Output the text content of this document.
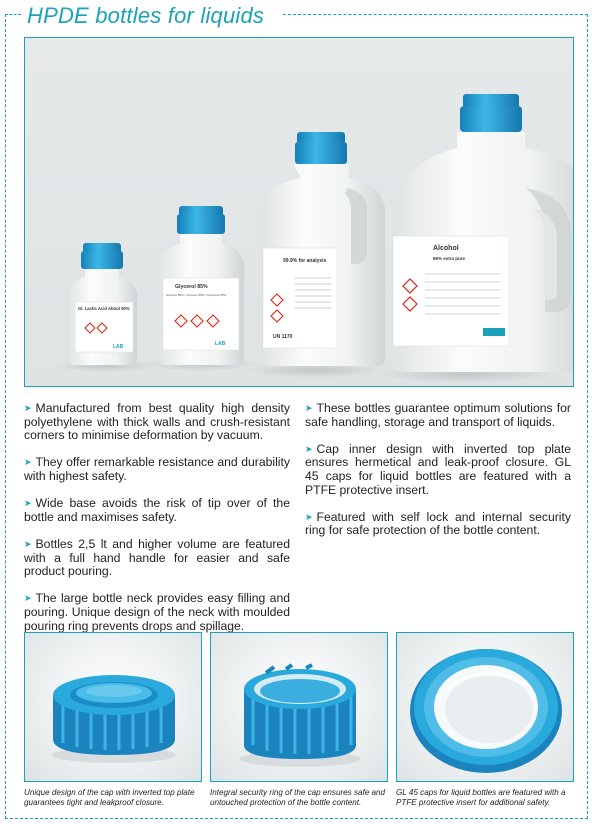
HPDE bottles for liquids
Gl. Lactic Acid About 90%
LAB
Glycerol 85%
Glycerol 85% / Glycerin 85% / Glycerine 85%
LAB
99.9% for analysis
UN 1170
Alcohol
96% extra pure
➤ Manufactured from best quality high density polyethylene with thick walls and crush-resistant corners to minimise deformation by vacuum.
➤ They offer remarkable resistance and durability with highest safety.
➤ Wide base avoids the risk of tip over of the bottle and maximises safety.
➤ Bottles 2,5 lt and higher volume are featured with a full hand handle for easier and safe product pouring.
➤ The large bottle neck provides easy filling and pouring. Unique design of the neck with moulded pouring ring prevents drops and spillage.
➤ These bottles guarantee optimum solutions for safe handling, storage and transport of liquids.
➤ Cap inner design with inverted top plate ensures hermetical and leak-proof closure. GL 45 caps for liquid bottles are featured with a PTFE protective insert.
➤ Featured with self lock and internal security ring for safe protection of the bottle content.
Unique design of the cap with inverted top plate guarantees tight and leakproof closure.
Integral security ring of the cap ensures safe and untouched protection of the bottle content.
GL 45 caps for liquid bottles are featured with a PTFE protective insert for additional safety.
